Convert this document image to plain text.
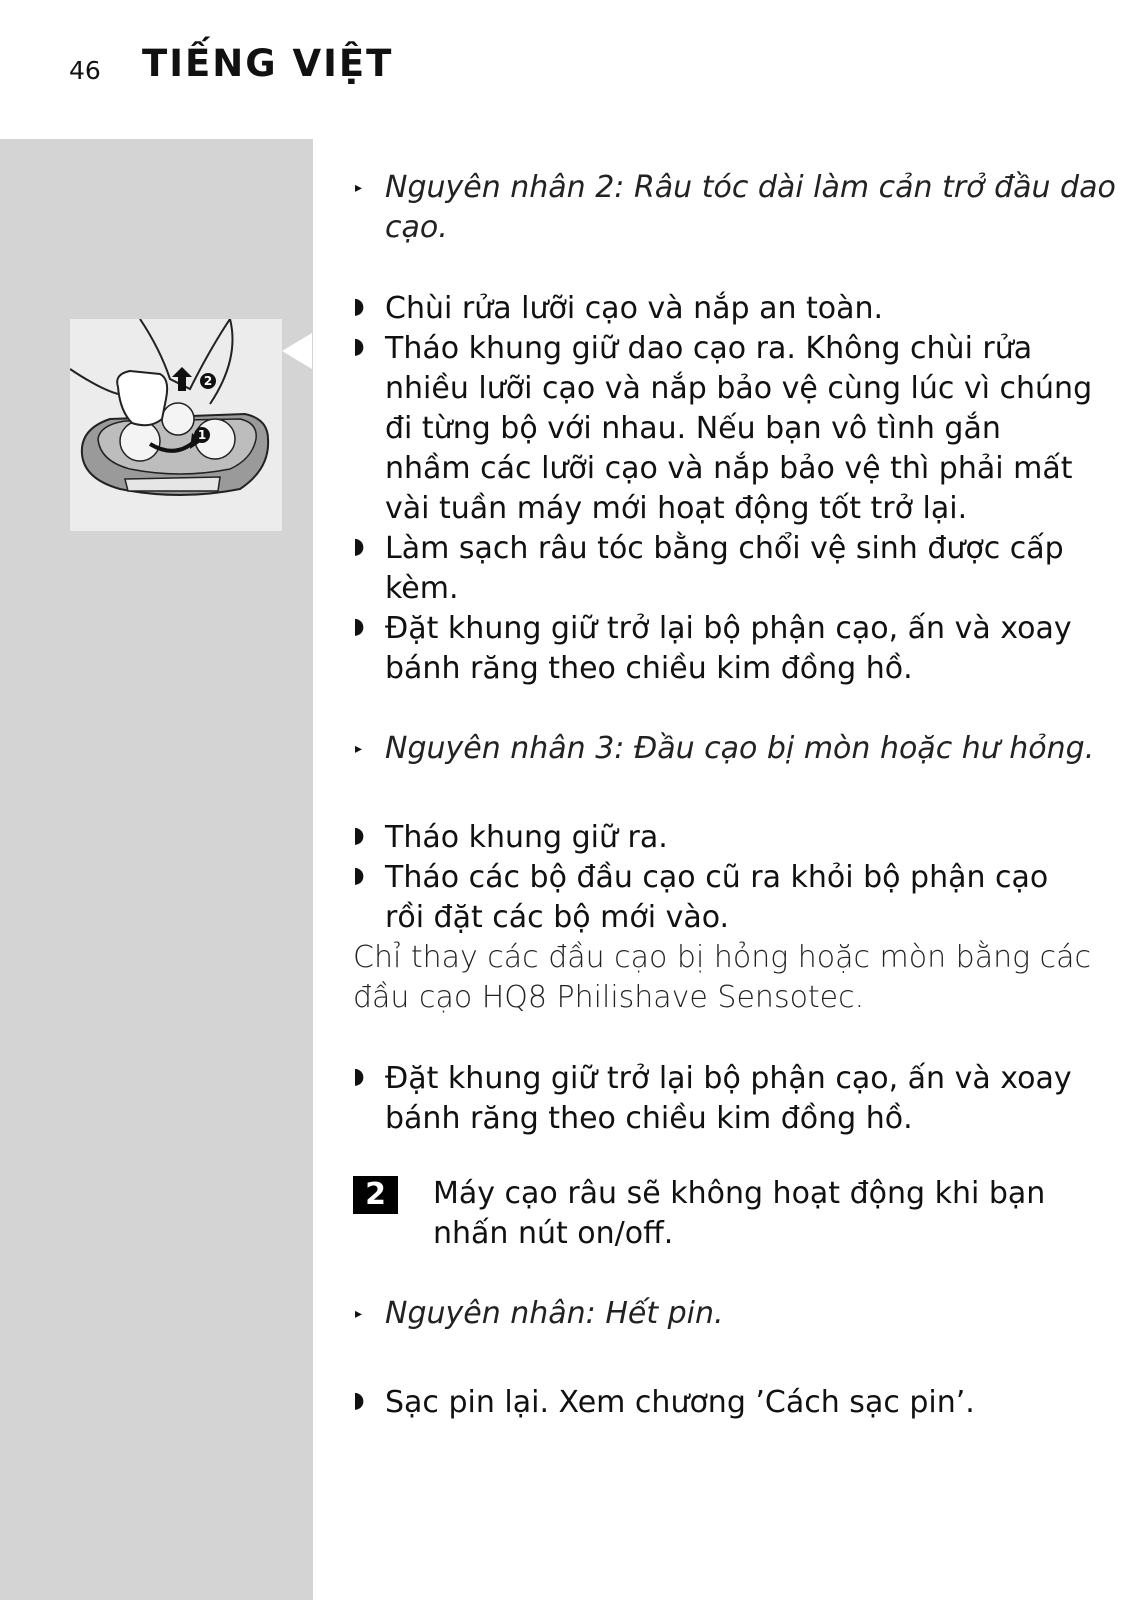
46 TIẾNG VIỆT
2
1
▸ Nguyên nhân 2: Râu tóc dài làm cản trở đầu dao
cạo.
◗ Chùi rửa lưỡi cạo và nắp an toàn.
◗ Tháo khung giữ dao cạo ra. Không chùi rửa
nhiều lưỡi cạo và nắp bảo vệ cùng lúc vì chúng
đi từng bộ với nhau. Nếu bạn vô tình gắn
nhầm các lưỡi cạo và nắp bảo vệ thì phải mất
vài tuần máy mới hoạt động tốt trở lại.
◗ Làm sạch râu tóc bằng chổi vệ sinh được cấp
kèm.
◗ Đặt khung giữ trở lại bộ phận cạo, ấn và xoay
bánh răng theo chiều kim đồng hồ.
▸ Nguyên nhân 3: Đầu cạo bị mòn hoặc hư hỏng.
◗ Tháo khung giữ ra.
◗ Tháo các bộ đầu cạo cũ ra khỏi bộ phận cạo
rồi đặt các bộ mới vào.
Chỉ thay các đầu cạo bị hỏng hoặc mòn bằng các
đầu cạo HQ8 Philishave Sensotec.
◗ Đặt khung giữ trở lại bộ phận cạo, ấn và xoay
bánh răng theo chiều kim đồng hồ.
2	Máy cạo râu sẽ không hoạt động khi bạn
nhấn nút on/off.
▸ Nguyên nhân: Hết pin.
◗ Sạc pin lại. Xem chương ’Cách sạc pin’.
